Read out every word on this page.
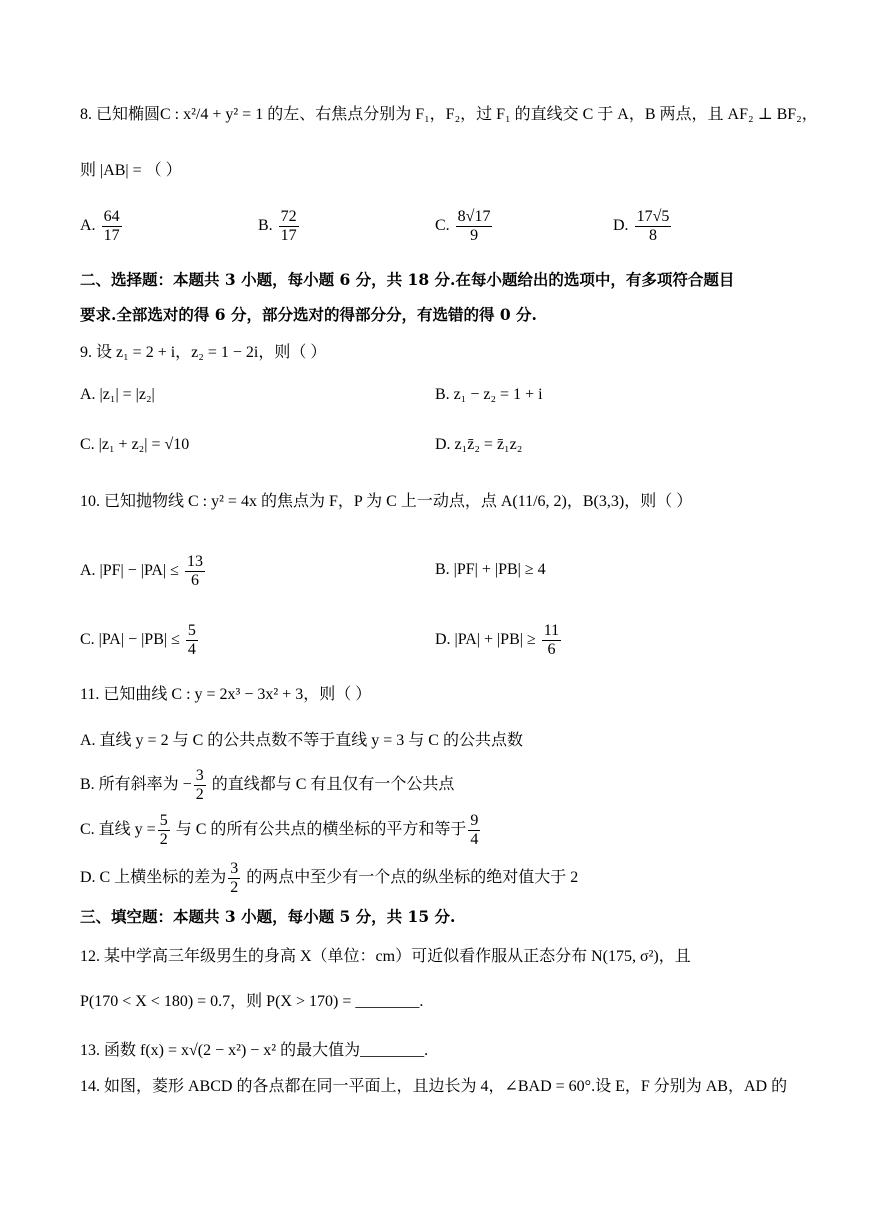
8. 已知椭圆C : x²/4 + y² = 1 的左、右焦点分别为 F₁，F₂，过 F₁ 的直线交 C 于 A，B 两点，且 AF₂ ⊥ BF₂，
则 |AB| = （ ）
A. $\frac{64}{17}$	B. $\frac{72}{17}$	C. $\frac{8√17}{9}$	D. $\frac{17√5}{8}$
二、选择题：本题共 3 小题，每小题 6 分，共 18 分.在每小题给出的选项中，有多项符合题目
要求.全部选对的得 6 分，部分选对的得部分分，有选错的得 0 分.
9. 设 z₁ = 2 + i，z₂ = 1 − 2i，则（ ）
A. |z₁| = |z₂|	B. z₁ − z₂ = 1 + i
C. |z₁ + z₂| = √10	D. z₁z̄₂ = z̄₁z₂
10. 已知抛物线 C : y² = 4x 的焦点为 F，P 为 C 上一动点，点 A(11/6, 2)，B(3,3)，则（ ）
A. $|PF| - |PA| \le \frac{13}{6}$	B. |PF| + |PB| ≥ 4
C. $|PA| - |PB| \le \frac{5}{4}$	D. $|PA| + |PB| \ge \frac{11}{6}$
11. 已知曲线 C : y = 2x³ − 3x² + 3，则（ ）
A. 直线 y = 2 与 C 的公共点数不等于直线 y = 3 与 C 的公共点数
B. 所有斜率为 − $\frac{3}{2}$ 的直线都与 C 有且仅有一个公共点
C. 直线 $y = \frac{5}{2}$ 与 C 的所有公共点的横坐标的平方和等于 $\frac{9}{4}$
D. C 上横坐标的差为 $\frac{3}{2}$ 的两点中至少有一个点的纵坐标的绝对值大于 2
三、填空题：本题共 3 小题，每小题 5 分，共 15 分.
12. 某中学高三年级男生的身高 X（单位：cm）可近似看作服从正态分布 N(175, σ²)，且
P(170 < X < 180) = 0.7，则 P(X > 170) = ________.
13. 函数 f(x) = x√(2 − x²) − x² 的最大值为________.
14. 如图，菱形 ABCD 的各点都在同一平面上，且边长为 4，∠BAD = 60°.设 E，F 分别为 AB，AD 的
